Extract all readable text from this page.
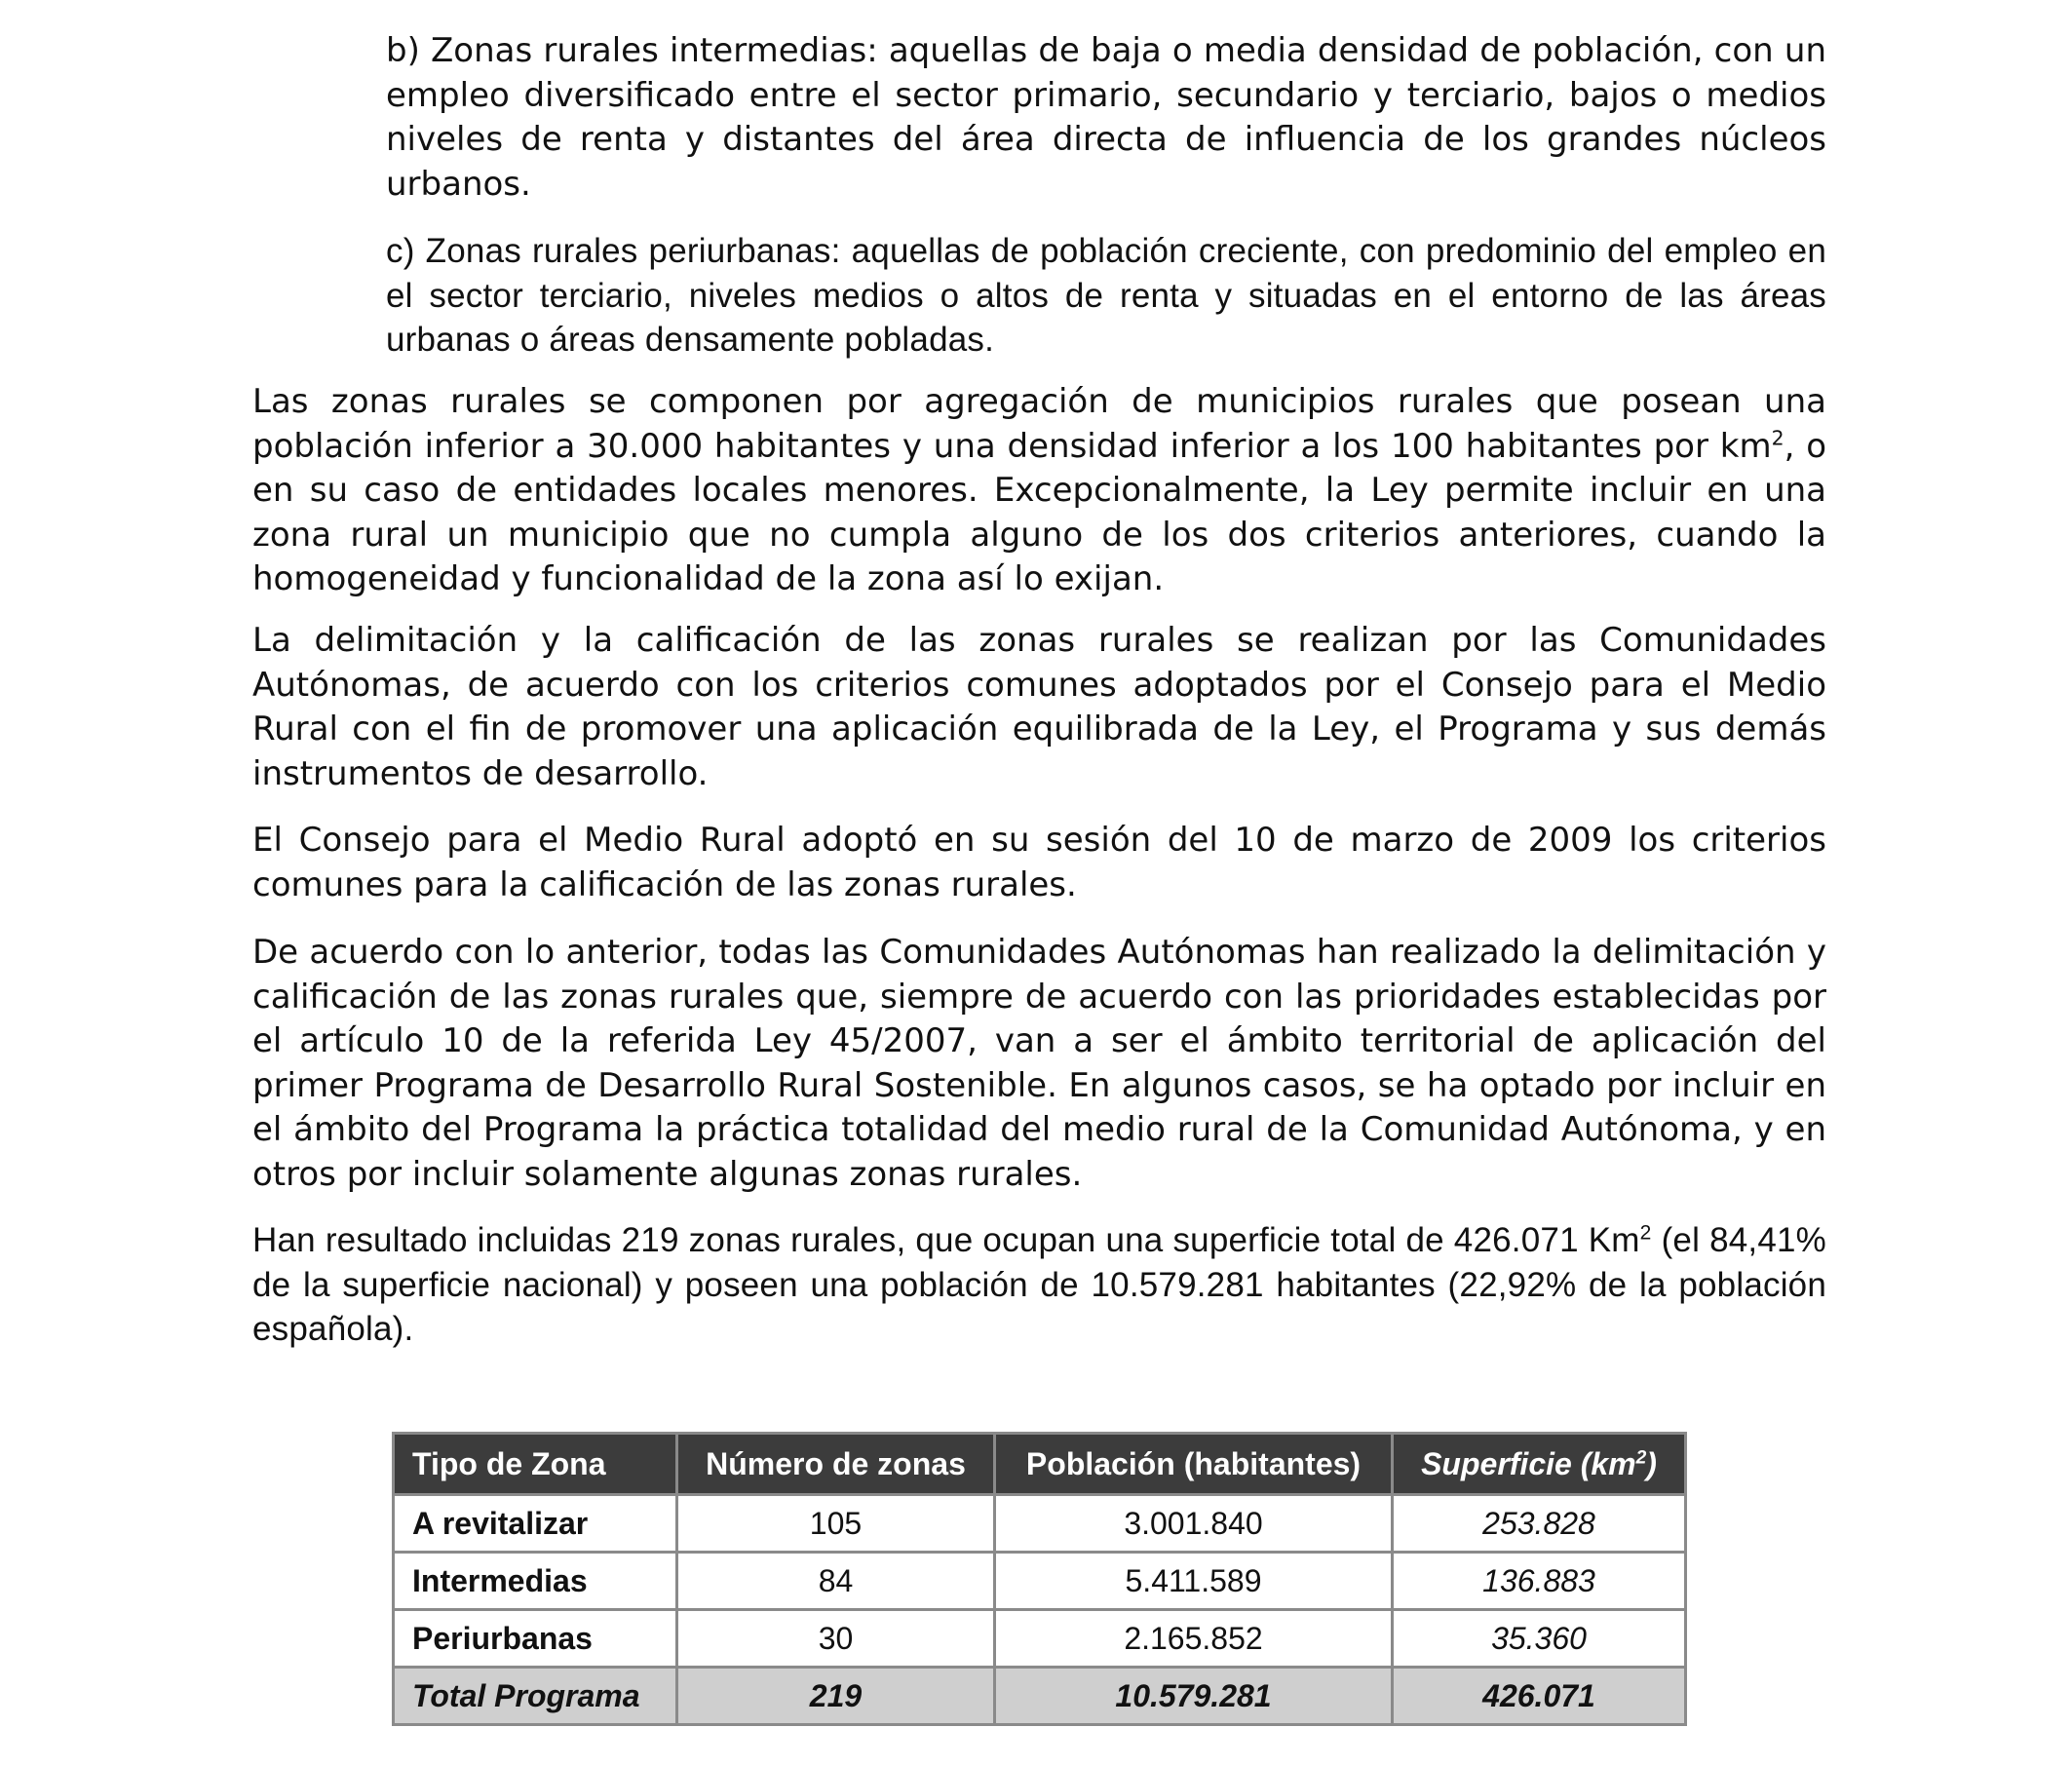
b) Zonas rurales intermedias: aquellas de baja o media densidad de población, con un empleo diversificado entre el sector primario, secundario y terciario, bajos o medios niveles de renta y distantes del área directa de influencia de los grandes núcleos urbanos.

c) Zonas rurales periurbanas: aquellas de población creciente, con predominio del empleo en el sector terciario, niveles medios o altos de renta y situadas en el entorno de las áreas urbanas o áreas densamente pobladas.

Las zonas rurales se componen por agregación de municipios rurales que posean una población inferior a 30.000 habitantes y una densidad inferior a los 100 habitantes por $km^2$, o en su caso de entidades locales menores. Excepcionalmente, la Ley permite incluir en una zona rural un municipio que no cumpla alguno de los dos criterios anteriores, cuando la homogeneidad y funcionalidad de la zona así lo exijan.

La delimitación y la calificación de las zonas rurales se realizan por las Comunidades Autónomas, de acuerdo con los criterios comunes adoptados por el Consejo para el Medio Rural con el fin de promover una aplicación equilibrada de la Ley, el Programa y sus demás instrumentos de desarrollo.

El Consejo para el Medio Rural adoptó en su sesión del 10 de marzo de 2009 los criterios comunes para la calificación de las zonas rurales.

De acuerdo con lo anterior, todas las Comunidades Autónomas han realizado la delimitación y calificación de las zonas rurales que, siempre de acuerdo con las prioridades establecidas por el artículo 10 de la referida Ley 45/2007, van a ser el ámbito territorial de aplicación del primer Programa de Desarrollo Rural Sostenible. En algunos casos, se ha optado por incluir en el ámbito del Programa la práctica totalidad del medio rural de la Comunidad Autónoma, y en otros por incluir solamente algunas zonas rurales.

Han resultado incluidas 219 zonas rurales, que ocupan una superficie total de 426.071 Km$^2$ (el 84,41% de la superficie nacional) y poseen una población de 10.579.281 habitantes (22,92% de la población española).

Tipo de Zona	Número de zonas	Población (habitantes)	Superficie $(km^2)$
A revitalizar	105	3.001.840	253.828
Intermedias	84	5.411.589	136.883
Periurbanas	30	2.165.852	35.360
Total Programa	219	10.579.281	426.071
